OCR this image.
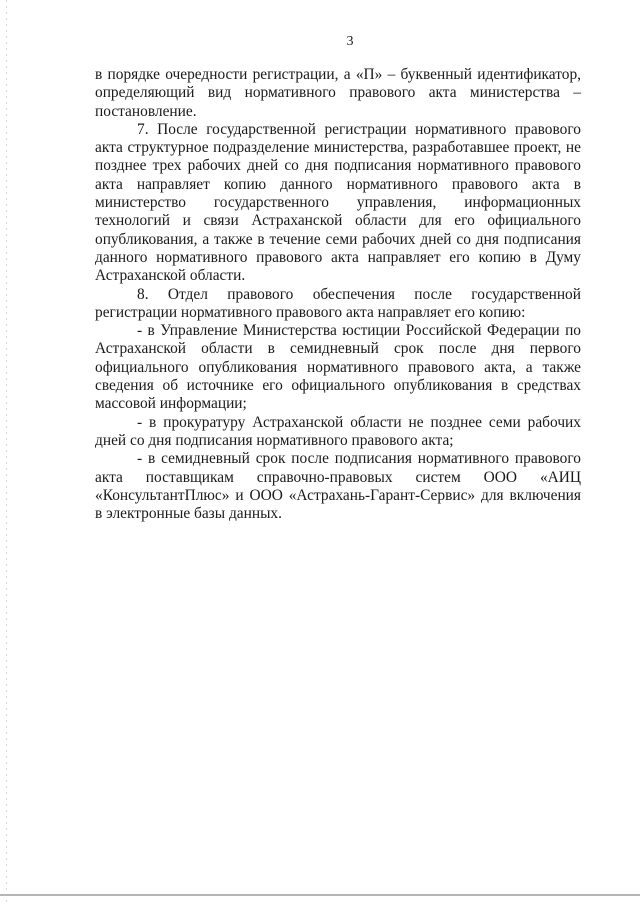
3

в порядке очередности регистрации, а «П» – буквенный идентификатор, определяющий вид нормативного правового акта министерства – постановление.

7. После государственной регистрации нормативного правового акта структурное подразделение министерства, разработавшее проект, не позднее трех рабочих дней со дня подписания нормативного правового акта направляет копию данного нормативного правового акта в министерство государственного управления, информационных технологий и связи Астраханской области для его официального опубликования, а также в течение семи рабочих дней со дня подписания данного нормативного правового акта направляет его копию в Думу Астраханской области.

8. Отдел правового обеспечения после государственной регистрации нормативного правового акта направляет его копию:

- в Управление Министерства юстиции Российской Федерации по Астраханской области в семидневный срок после дня первого официального опубликования нормативного правового акта, а также сведения об источнике его официального опубликования в средствах массовой информации;

- в прокуратуру Астраханской области не позднее семи рабочих дней со дня подписания нормативного правового акта;

- в семидневный срок после подписания нормативного правового акта поставщикам справочно-правовых систем ООО «АИЦ «КонсультантПлюс» и ООО «Астрахань-Гарант-Сервис» для включения в электронные базы данных.
